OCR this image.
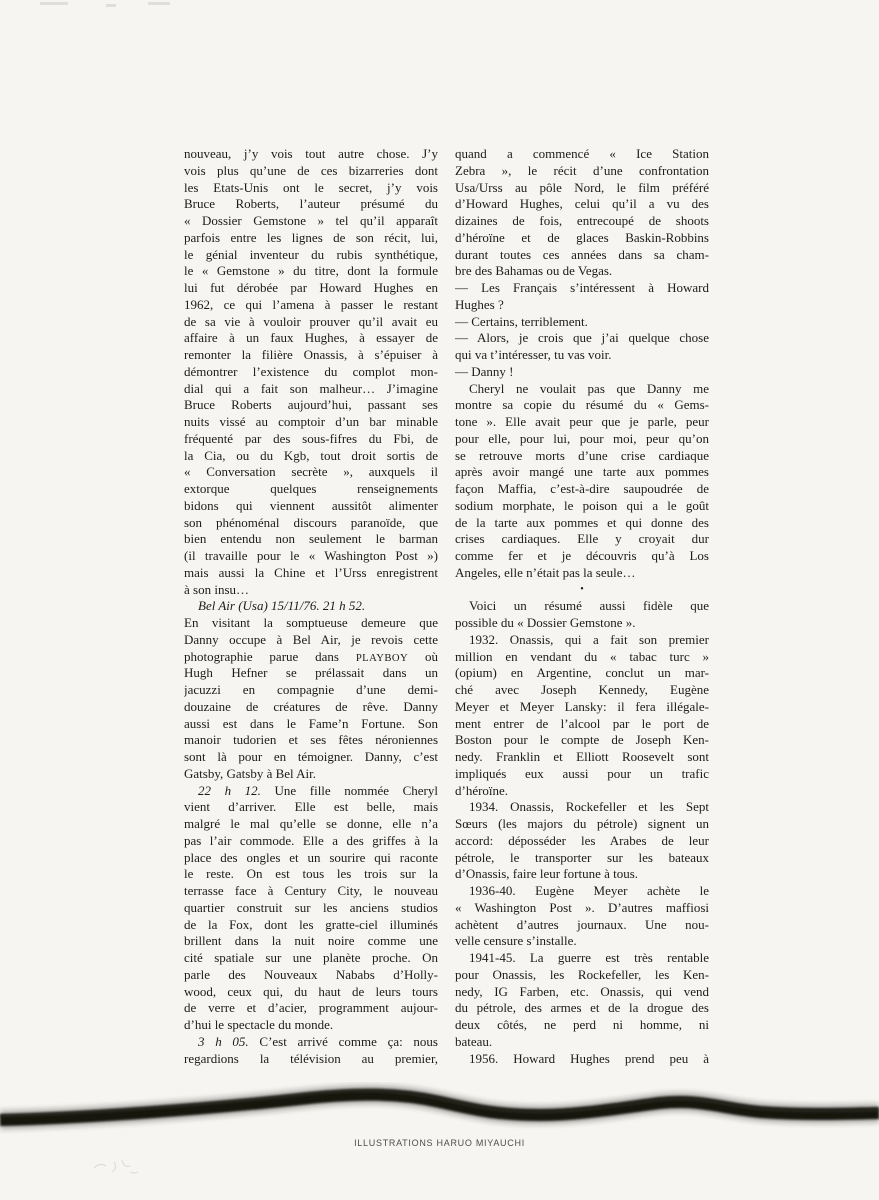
nouveau, j’y vois tout autre chose. J’y
vois plus qu’une de ces bizarreries dont
les Etats-Unis ont le secret, j’y vois
Bruce Roberts, l’auteur présumé du
« Dossier Gemstone » tel qu’il apparaît
parfois entre les lignes de son récit, lui,
le génial inventeur du rubis synthétique,
le « Gemstone » du titre, dont la formule
lui fut dérobée par Howard Hughes en
1962, ce qui l’amena à passer le restant
de sa vie à vouloir prouver qu’il avait eu
affaire à un faux Hughes, à essayer de
remonter la filière Onassis, à s’épuiser à
démontrer l’existence du complot mon-
dial qui a fait son malheur… J’imagine
Bruce Roberts aujourd’hui, passant ses
nuits vissé au comptoir d’un bar minable
fréquenté par des sous-fifres du Fbi, de
la Cia, ou du Kgb, tout droit sortis de
« Conversation secrète », auxquels il
extorque quelques renseignements
bidons qui viennent aussitôt alimenter
son phénoménal discours paranoïde, que
bien entendu non seulement le barman
(il travaille pour le « Washington Post »)
mais aussi la Chine et l’Urss enregistrent
à son insu…
Bel Air (Usa) 15/11/76. 21 h 52.
En visitant la somptueuse demeure que
Danny occupe à Bel Air, je revois cette
photographie parue dans PLAYBOY où
Hugh Hefner se prélassait dans un
jacuzzi en compagnie d’une demi-
douzaine de créatures de rêve. Danny
aussi est dans le Fame’n Fortune. Son
manoir tudorien et ses fêtes néroniennes
sont là pour en témoigner. Danny, c’est
Gatsby, Gatsby à Bel Air.
22 h 12. Une fille nommée Cheryl
vient d’arriver. Elle est belle, mais
malgré le mal qu’elle se donne, elle n’a
pas l’air commode. Elle a des griffes à la
place des ongles et un sourire qui raconte
le reste. On est tous les trois sur la
terrasse face à Century City, le nouveau
quartier construit sur les anciens studios
de la Fox, dont les gratte-ciel illuminés
brillent dans la nuit noire comme une
cité spatiale sur une planète proche. On
parle des Nouveaux Nababs d’Holly-
wood, ceux qui, du haut de leurs tours
de verre et d’acier, programment aujour-
d’hui le spectacle du monde.
3 h 05. C’est arrivé comme ça: nous
regardions la télévision au premier,
quand a commencé « Ice Station
Zebra », le récit d’une confrontation
Usa/Urss au pôle Nord, le film préféré
d’Howard Hughes, celui qu’il a vu des
dizaines de fois, entrecoupé de shoots
d’héroïne et de glaces Baskin-Robbins
durant toutes ces années dans sa cham-
bre des Bahamas ou de Vegas.
— Les Français s’intéressent à Howard
Hughes ?
— Certains, terriblement.
— Alors, je crois que j’ai quelque chose
qui va t’intéresser, tu vas voir.
— Danny !
Cheryl ne voulait pas que Danny me
montre sa copie du résumé du « Gems-
tone ». Elle avait peur que je parle, peur
pour elle, pour lui, pour moi, peur qu’on
se retrouve morts d’une crise cardiaque
après avoir mangé une tarte aux pommes
façon Maffia, c’est-à-dire saupoudrée de
sodium morphate, le poison qui a le goût
de la tarte aux pommes et qui donne des
crises cardiaques. Elle y croyait dur
comme fer et je découvris qu’à Los
Angeles, elle n’était pas la seule…
•
Voici un résumé aussi fidèle que
possible du « Dossier Gemstone ».
1932. Onassis, qui a fait son premier
million en vendant du « tabac turc »
(opium) en Argentine, conclut un mar-
ché avec Joseph Kennedy, Eugène
Meyer et Meyer Lansky: il fera illégale-
ment entrer de l’alcool par le port de
Boston pour le compte de Joseph Ken-
nedy. Franklin et Elliott Roosevelt sont
impliqués eux aussi pour un trafic
d’héroïne.
1934. Onassis, Rockefeller et les Sept
Sœurs (les majors du pétrole) signent un
accord: déposséder les Arabes de leur
pétrole, le transporter sur les bateaux
d’Onassis, faire leur fortune à tous.
1936-40. Eugène Meyer achète le
« Washington Post ». D’autres maffiosi
achètent d’autres journaux. Une nou-
velle censure s’installe.
1941-45. La guerre est très rentable
pour Onassis, les Rockefeller, les Ken-
nedy, IG Farben, etc. Onassis, qui vend
du pétrole, des armes et de la drogue des
deux côtés, ne perd ni homme, ni
bateau.
1956. Howard Hughes prend peu à
ILLUSTRATIONS HARUO MIYAUCHI
